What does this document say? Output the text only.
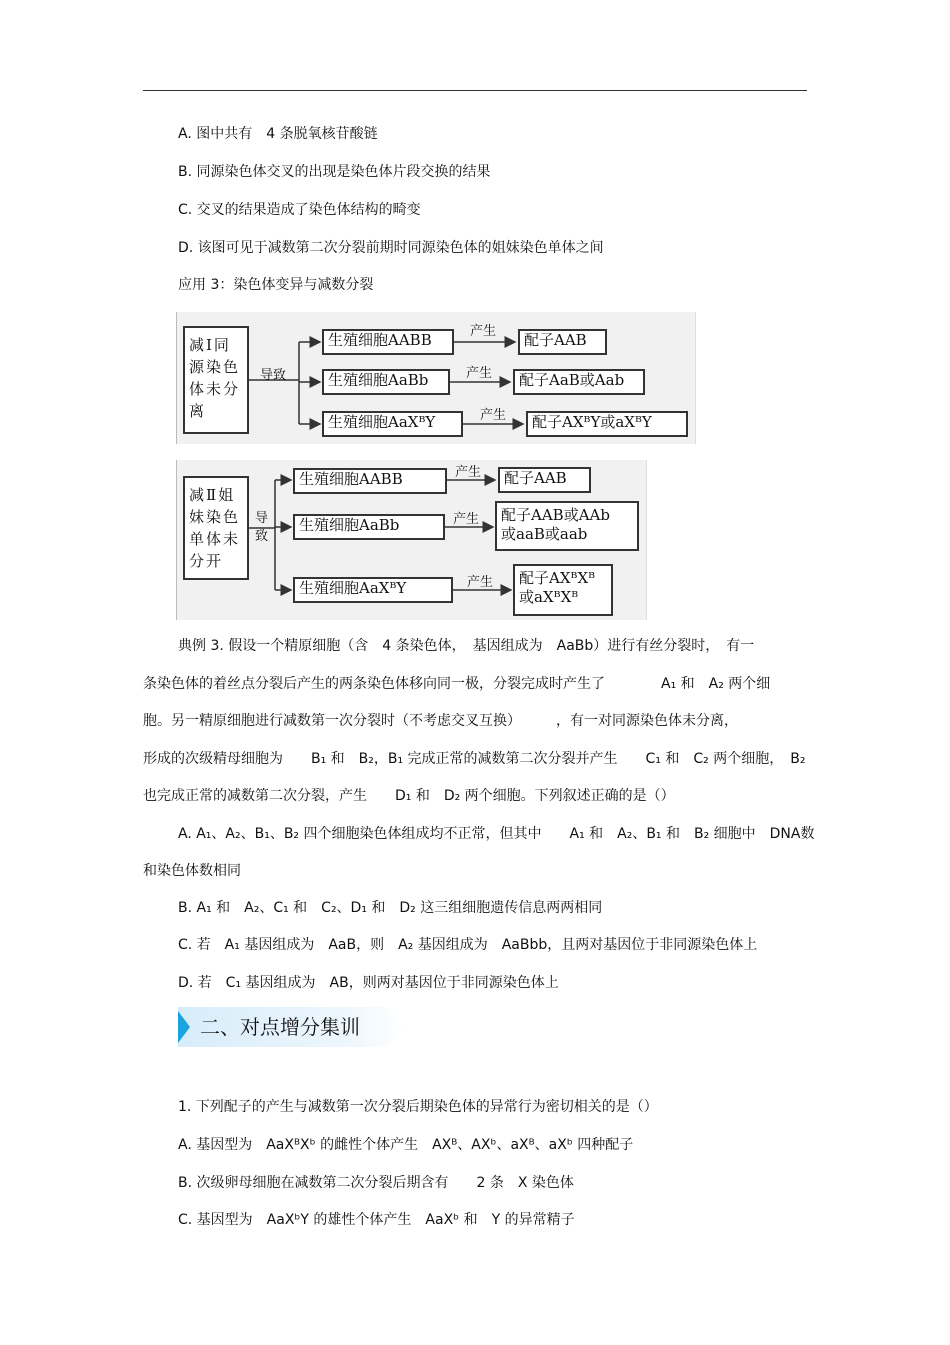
A. 图中共有　4 条脱氧核苷酸链
B. 同源染色体交叉的出现是染色体片段交换的结果
C. 交叉的结果造成了染色体结构的畸变
D. 该图可见于减数第二次分裂前期时同源染色体的姐妹染色单体之间
应用 3：染色体变异与减数分裂
减Ⅰ同
源染色
体未分
离
导致
生殖细胞AABB
生殖细胞AaBb
生殖细胞AaXᴮY
产生
产生
产生
配子AAB
配子AaB或Aab
配子AXᴮY或aXᴮY
减Ⅱ姐
妹染色
单体未
分开
导致
生殖细胞AABB
生殖细胞AaBb
生殖细胞AaXᴮY
产生
产生
产生
配子AAB
配子AAB或AAb
或aaB或aab
配子AXᴮXᴮ
或aXᴮXᴮ
典例 3. 假设一个精原细胞（含　4 条染色体，　基因组成为　AaBb）进行有丝分裂时，　有一
条染色体的着丝点分裂后产生的两条染色体移向同一极，分裂完成时产生了　　　　A₁ 和　A₂ 两个细
胞。另一精原细胞进行减数第一次分裂时（不考虑交叉互换）　　　，有一对同源染色体未分离，
形成的次级精母细胞为　　B₁ 和　B₂，B₁ 完成正常的减数第二次分裂并产生　　C₁ 和　C₂ 两个细胞，　B₂
也完成正常的减数第二次分裂，产生　　D₁ 和　D₂ 两个细胞。下列叙述正确的是（）
A. A₁、A₂、B₁、B₂ 四个细胞染色体组成均不正常，但其中　　A₁ 和　A₂、B₁ 和　B₂ 细胞中　DNA数
和染色体数相同
B. A₁ 和　A₂、C₁ 和　C₂、D₁ 和　D₂ 这三组细胞遗传信息两两相同
C. 若　A₁ 基因组成为　AaB，则　A₂ 基因组成为　AaBbb，且两对基因位于非同源染色体上
D. 若　C₁ 基因组成为　AB，则两对基因位于非同源染色体上
二、对点增分集训
1. 下列配子的产生与减数第一次分裂后期染色体的异常行为密切相关的是（）
A. 基因型为　AaXᴮXᵇ 的雌性个体产生　AXᴮ、AXᵇ、aXᴮ、aXᵇ 四种配子
B. 次级卵母细胞在减数第二次分裂后期含有　　2 条　X 染色体
C. 基因型为　AaXᵇY 的雄性个体产生　AaXᵇ 和　Y 的异常精子
